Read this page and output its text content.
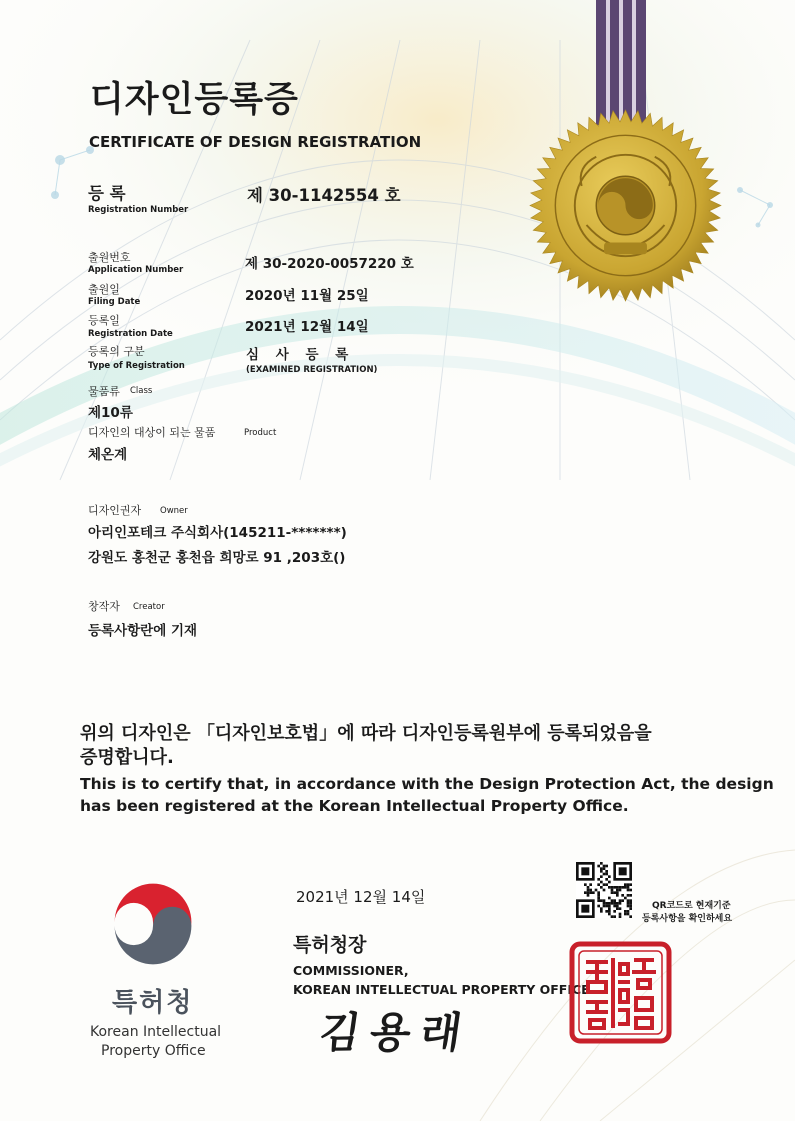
디자인등록증
CERTIFICATE OF DESIGN REGISTRATION
등 록
Registration Number
제 30-1142554 호
출원번호
Application Number	제 30-2020-0057220 호
출원일
Filing Date	2020년 11월 25일
등록일
Registration Date	2021년 12월 14일
등록의 구분
Type of Registration
심 사 등 록
(EXAMINED REGISTRATION)
물품류 Class
제10류
디자인의 대상이 되는 물품	Product
체온계
디자인권자 Owner
아리인포테크 주식회사(145211-*******)
강원도 홍천군 홍천읍 희망로 91 ,203호()
창작자 Creator
등록사항란에 기재
위의 디자인은 「디자인보호법」에 따라 디자인등록원부에 등록되었음을
증명합니다.
This is to certify that, in accordance with the Design Protection Act, the design
has been registered at the Korean Intellectual Property Office.
2021년 12월 14일	QR코드로 현재기준
등록사항을 확인하세요
특허청장
COMMISSIONER,
KOREAN INTELLECTUAL PROPERTY OFFICE
김용래
특허청
Korean Intellectual
Property Office
